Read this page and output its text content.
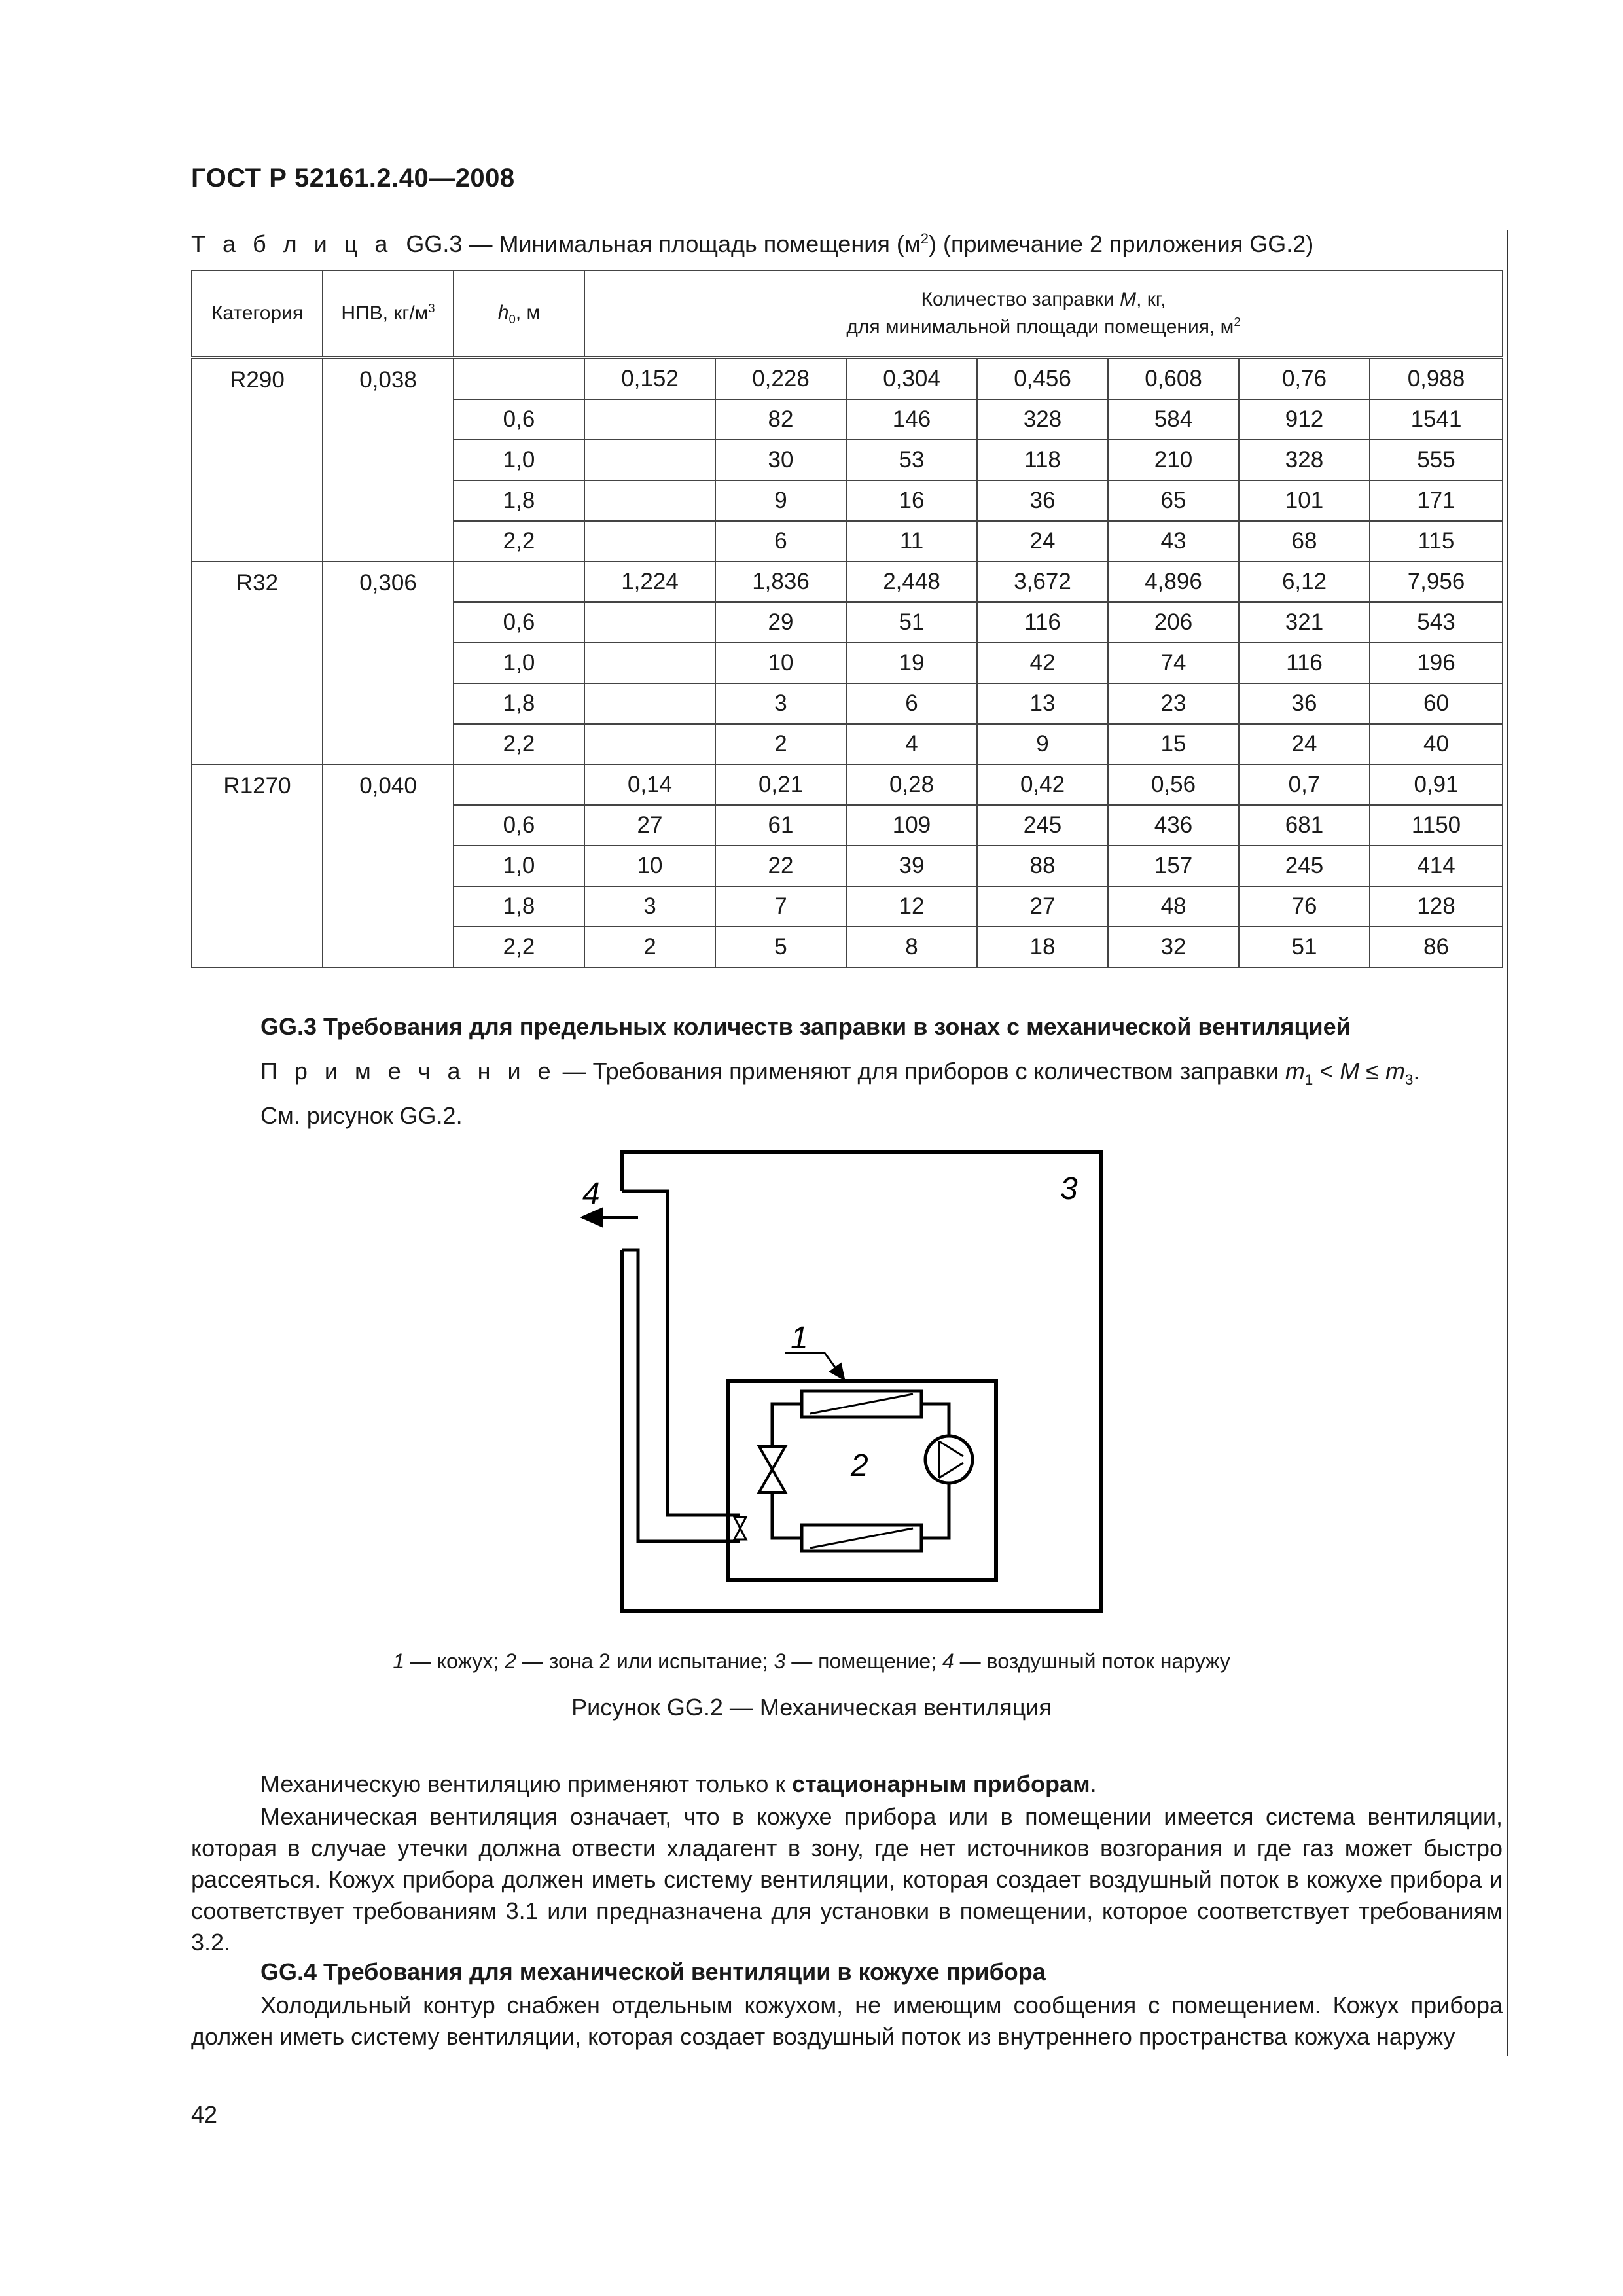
ГОСТ Р 52161.2.40—2008
Т а б л и ц а GG.3 — Минимальная площадь помещения $(м^2)$ (примечание 2 приложения GG.2)
Категория	НПВ, $кг/м^3$	$h_0$, м	Количество заправки M, кг,
для минимальной площади помещения, $м^2$
R290	0,038		0,152	0,228	0,304	0,456	0,608	0,76	0,988
		0,6		82	146	328	584	912	1541
		1,0		30	53	118	210	328	555
		1,8		9	16	36	65	101	171
		2,2		6	11	24	43	68	115
R32	0,306		1,224	1,836	2,448	3,672	4,896	6,12	7,956
		0,6		29	51	116	206	321	543
		1,0		10	19	42	74	116	196
		1,8		3	6	13	23	36	60
		2,2		2	4	9	15	24	40
R1270	0,040		0,14	0,21	0,28	0,42	0,56	0,7	0,91
		0,6	27	61	109	245	436	681	1150
		1,0	10	22	39	88	157	245	414
		1,8	3	7	12	27	48	76	128
		2,2	2	5	8	18	32	51	86
GG.3 Требования для предельных количеств заправки в зонах с механической вентиляцией
П р и м е ч а н и е — Требования применяют для приборов с количеством заправки $m_1 < M \le m_3$.
См. рисунок GG.2.
1
2
3
4
1 — кожух; 2 — зона 2 или испытание; 3 — помещение; 4 — воздушный поток наружу
Рисунок GG.2 — Механическая вентиляция
Механическую вентиляцию применяют только к стационарным приборам.
Механическая вентиляция означает, что в кожухе прибора или в помещении имеется система вентиляции, которая в случае утечки должна отвести хладагент в зону, где нет источников возгорания и где газ может быстро рассеяться. Кожух прибора должен иметь систему вентиляции, которая создает воздушный поток в кожухе прибора и соответствует требованиям 3.1 или предназначена для установки в помещении, которое соответствует требованиям 3.2.
GG.4 Требования для механической вентиляции в кожухе прибора
Холодильный контур снабжен отдельным кожухом, не имеющим сообщения с помещением. Кожух прибора должен иметь систему вентиляции, которая создает воздушный поток из внутреннего пространства кожуха наружу
42
